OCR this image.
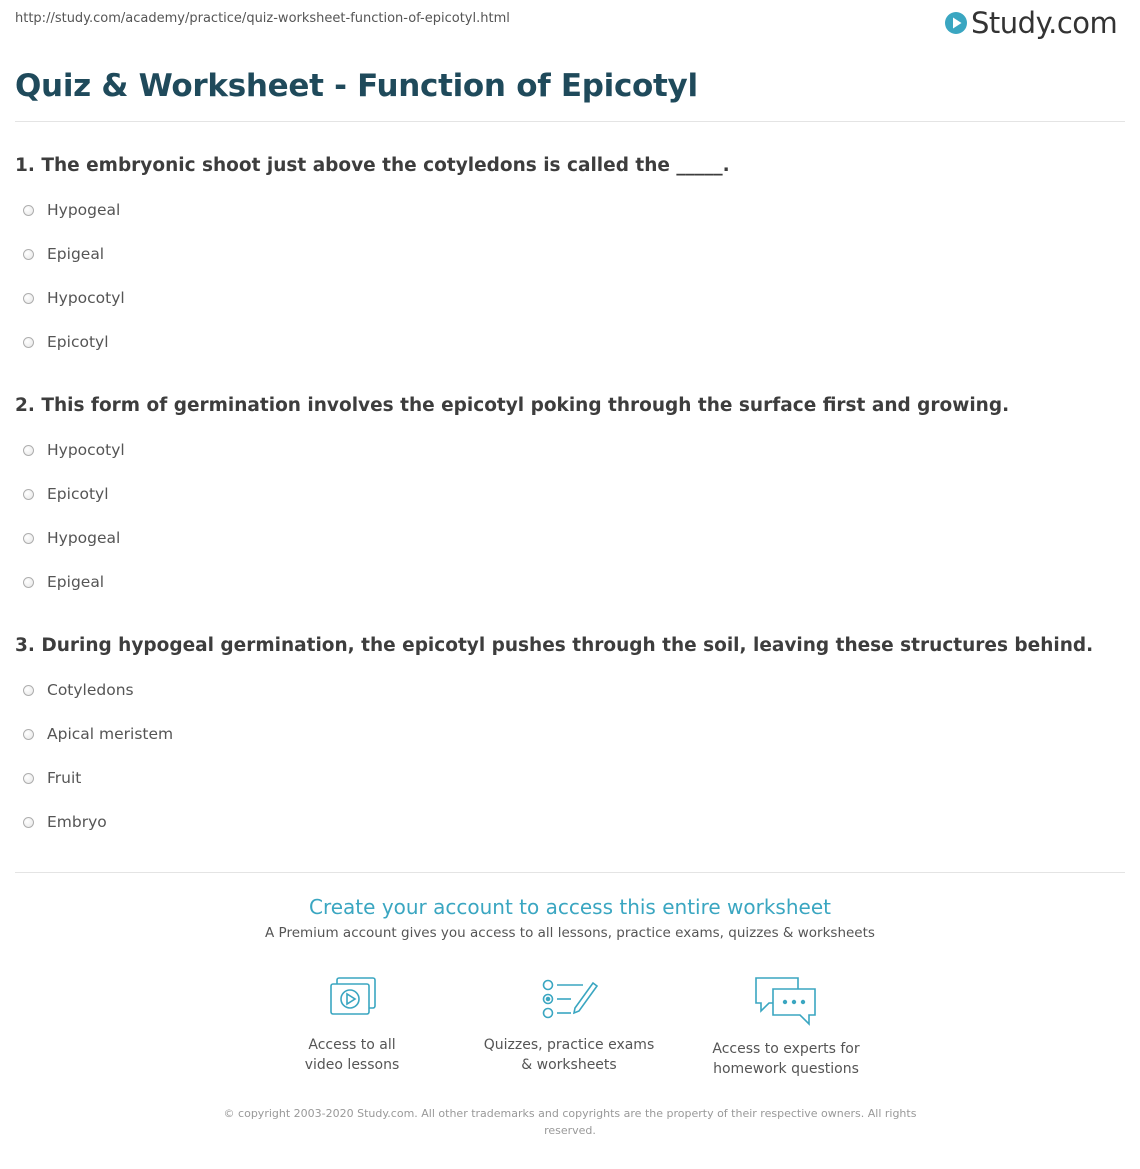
http://study.com/academy/practice/quiz-worksheet-function-of-epicotyl.html	Study.com
Quiz & Worksheet - Function of Epicotyl
1. The embryonic shoot just above the cotyledons is called the _____.
Hypogeal
Epigeal
Hypocotyl
Epicotyl
2. This form of germination involves the epicotyl poking through the surface first and growing.
Hypocotyl
Epicotyl
Hypogeal
Epigeal
3. During hypogeal germination, the epicotyl pushes through the soil, leaving these structures behind.
Cotyledons
Apical meristem
Fruit
Embryo
Create your account to access this entire worksheet
A Premium account gives you access to all lessons, practice exams, quizzes & worksheets
Access to all
video lessons
Quizzes, practice exams
& worksheets
Access to experts for
homework questions
© copyright 2003-2020 Study.com. All other trademarks and copyrights are the property of their respective owners. All rights reserved.
